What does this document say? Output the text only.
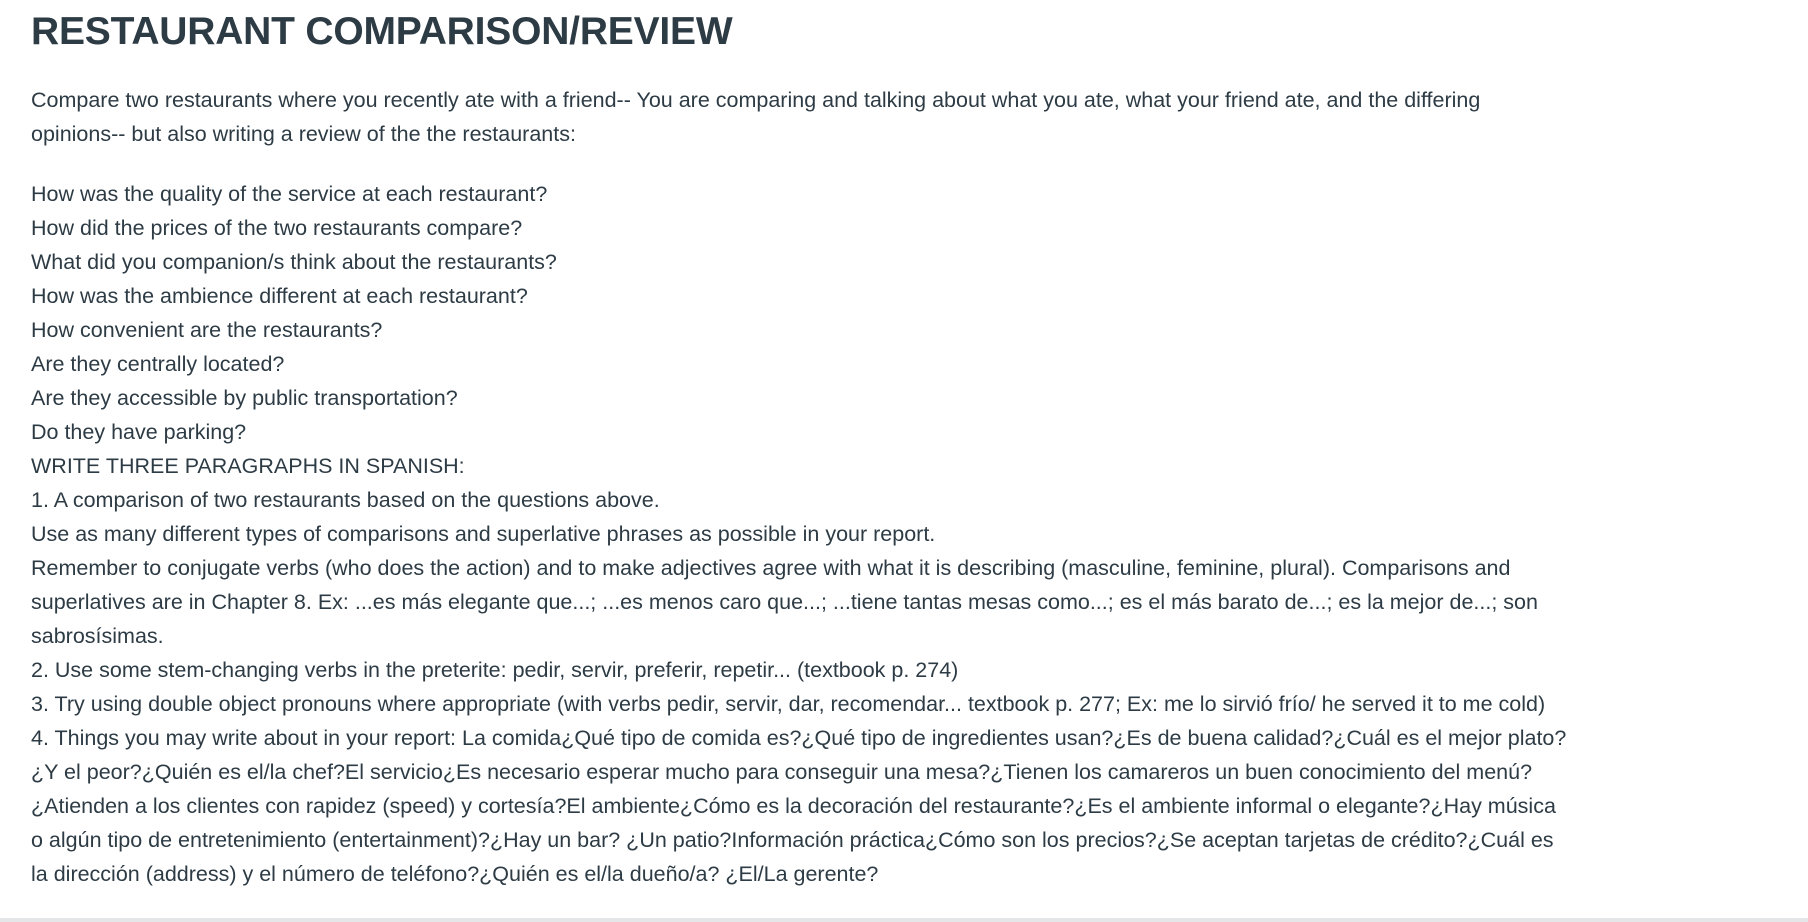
RESTAURANT COMPARISON/REVIEW

Compare two restaurants where you recently ate with a friend-- You are comparing and talking about what you ate, what your friend ate, and the differing opinions-- but also writing a review of the the restaurants:

How was the quality of the service at each restaurant?
How did the prices of the two restaurants compare?
What did you companion/s think about the restaurants?
How was the ambience different at each restaurant?
How convenient are the restaurants?
Are they centrally located?
Are they accessible by public transportation?
Do they have parking?
WRITE THREE PARAGRAPHS IN SPANISH:
1. A comparison of two restaurants based on the questions above.
Use as many different types of comparisons and superlative phrases as possible in your report.
Remember to conjugate verbs (who does the action) and to make adjectives agree with what it is describing (masculine, feminine, plural). Comparisons and superlatives are in Chapter 8. Ex: ...es más elegante que...; ...es menos caro que...; ...tiene tantas mesas como...; es el más barato de...; es la mejor de...; son sabrosísimas.
2. Use some stem-changing verbs in the preterite: pedir, servir, preferir, repetir... (textbook p. 274)
3. Try using double object pronouns where appropriate (with verbs pedir, servir, dar, recomendar... textbook p. 277; Ex: me lo sirvió frío/ he served it to me cold)
4. Things you may write about in your report: La comida¿Qué tipo de comida es?¿Qué tipo de ingredientes usan?¿Es de buena calidad?¿Cuál es el mejor plato? ¿Y el peor?¿Quién es el/la chef?El servicio¿Es necesario esperar mucho para conseguir una mesa?¿Tienen los camareros un buen conocimiento del menú?¿Atienden a los clientes con rapidez (speed) y cortesía?El ambiente¿Cómo es la decoración del restaurante?¿Es el ambiente informal o elegante?¿Hay música o algún tipo de entretenimiento (entertainment)?¿Hay un bar? ¿Un patio?Información práctica¿Cómo son los precios?¿Se aceptan tarjetas de crédito?¿Cuál es la dirección (address) y el número de teléfono?¿Quién es el/la dueño/a? ¿El/La gerente?
